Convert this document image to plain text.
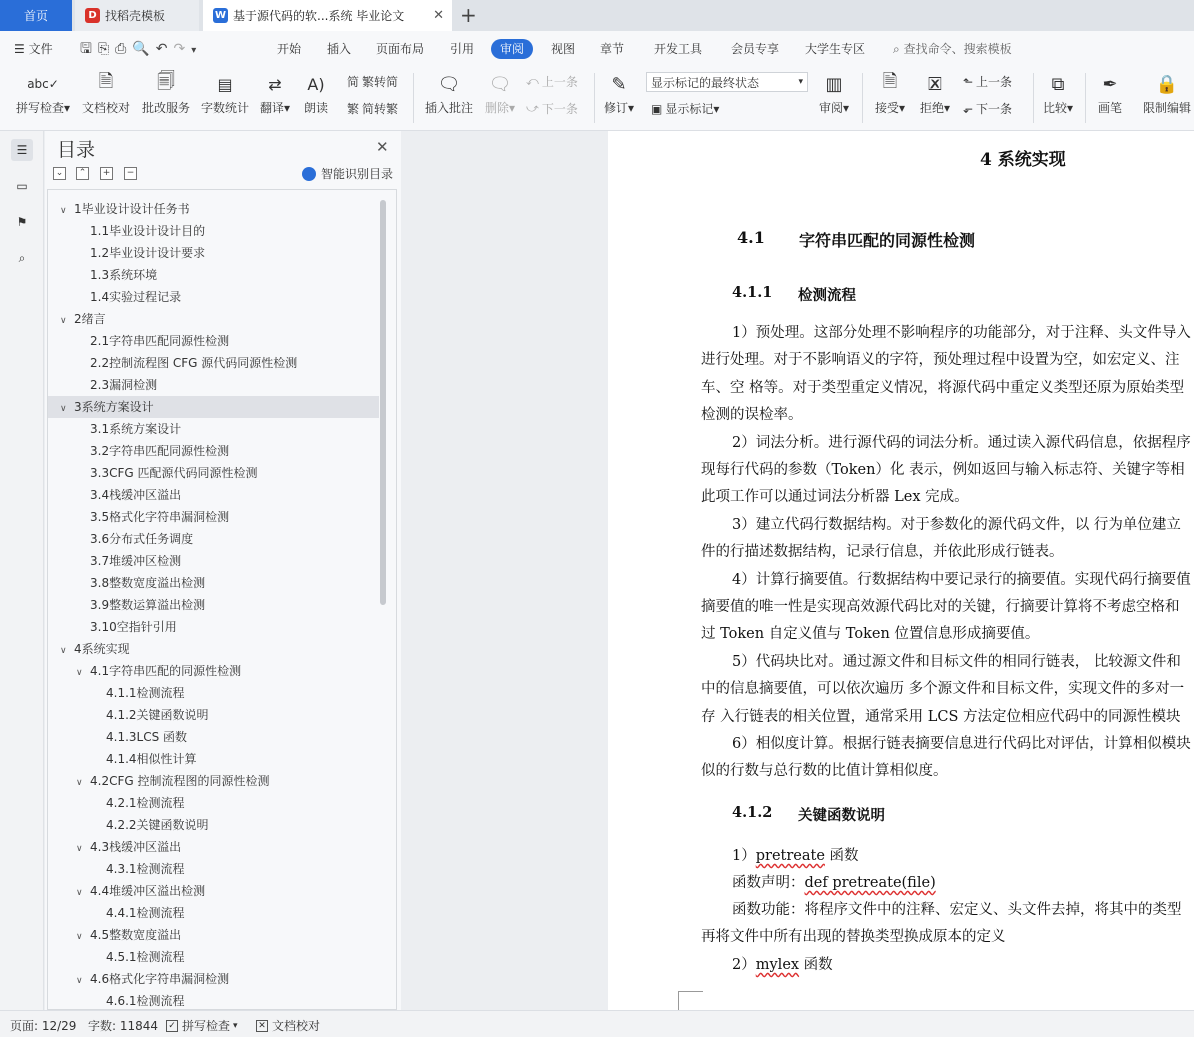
首页	D 找稻壳模板	W 基于源代码的软...系统 毕业论文 ✕ +
☰ 文件 🖫⎘⎙🔍↶↷▾	开始 插入 页面布局 引用	审阅	视图 章节 开发工具 会员专享 大学生专区 ⌕ 查找命令、搜索模板
abc✓
拼写检查▾
🗎
文档校对
🗐
批改服务
▤
字数统计
⇄
翻译▾
A)
朗读
简 繁转简
繁 简转繁
🗨
插入批注
🗨
删除▾
⤺ 上一条
⤻ 下一条
✎
修订▾
显示标记的最终状态	▾
▣ 显示标记 ▾
▥
审阅▾
🗎
接受▾
🗷
拒绝▾
⬑ 上一条
⬐ 下一条
⧉
比较▾
✒
画笔
🔒
限制编辑
☰
▭
⚑
⌕
目录	✕
⌄	⌃	+	−	智能识别目录
∨ 1毕业设计设计任务书
1.1毕业设计设计目的
1.2毕业设计设计要求
1.3系统环境
1.4实验过程记录
∨ 2绪言
2.1字符串匹配同源性检测
2.2控制流程图 CFG 源代码同源性检测
2.3漏洞检测
∨ 3系统方案设计
3.1系统方案设计
3.2字符串匹配同源性检测
3.3CFG 匹配源代码同源性检测
3.4栈缓冲区溢出
3.5格式化字符串漏洞检测
3.6分布式任务调度
3.7堆缓冲区检测
3.8整数宽度溢出检测
3.9整数运算溢出检测
3.10空指针引用
∨ 4系统实现
∨ 4.1字符串匹配的同源性检测
4.1.1检测流程
4.1.2关键函数说明
4.1.3LCS 函数
4.1.4相似性计算
∨ 4.2CFG 控制流程图的同源性检测
4.2.1检测流程
4.2.2关键函数说明
∨ 4.3栈缓冲区溢出
4.3.1检测流程
∨ 4.4堆缓冲区溢出检测
4.4.1检测流程
∨ 4.5整数宽度溢出
4.5.1检测流程
∨ 4.6格式化字符串漏洞检测
4.6.1检测流程
4 系统实现
4.1 字符串匹配的同源性检测
4.1.1 检测流程
1）预处理。这部分处理不影响程序的功能部分，对于注释、头文件导入
进行处理。对于不影响语义的字符，预处理过程中设置为空，如宏定义、注
车、空 格等。对于类型重定义情况，将源代码中重定义类型还原为原始类型
检测的误检率。
2）词法分析。进行源代码的词法分析。通过读入源代码信息，依据程序
现每行代码的参数（Token）化 表示，例如返回与输入标志符、关键字等相
此项工作可以通过词法分析器 Lex 完成。
3）建立代码行数据结构。对于参数化的源代码文件，以 行为单位建立
件的行描述数据结构，记录行信息，并依此形成行链表。
4）计算行摘要值。行数据结构中要记录行的摘要值。实现代码行摘要值
摘要值的唯一性是实现高效源代码比对的关键，行摘要计算将不考虑空格和
过 Token 自定义值与 Token 位置信息形成摘要值。
5）代码块比对。通过源文件和目标文件的相同行链表， 比较源文件和
中的信息摘要值，可以依次遍历 多个源文件和目标文件，实现文件的多对一
存 入行链表的相关位置，通常采用 LCS 方法定位相应代码中的同源性模块
6）相似度计算。根据行链表摘要信息进行代码比对评估，计算相似模块
似的行数与总行数的比值计算相似度。
4.1.2 关键函数说明
1）pretreate 函数
函数声明：def pretreate(file)
函数功能：将程序文件中的注释、宏定义、头文件去掉，将其中的类型
再将文件中所有出现的替换类型换成原本的定义
2）mylex 函数
页面: 12/29 字数: 11844 ✓ 拼写检查 ▾ ✕ 文档校对
